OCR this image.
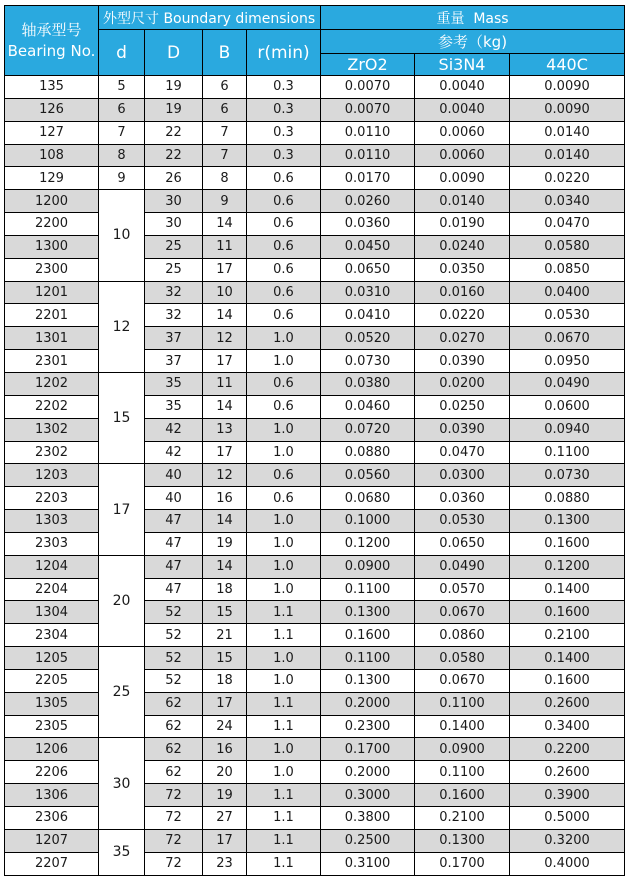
轴承型号
Bearing No.	外型尺寸 Boundary dimensions				重量  Mass		
	d	D	B	r(min)	参考（kg)		
					ZrO2	Si3N4	440C
135	5	19	6	0.3	0.0070	0.0040	0.0090
126	6	19	6	0.3	0.0070	0.0040	0.0090
127	7	22	7	0.3	0.0110	0.0060	0.0140
108	8	22	7	0.3	0.0110	0.0060	0.0140
129	9	26	8	0.6	0.0170	0.0090	0.0220
1200	10	30	9	0.6	0.0260	0.0140	0.0340
2200		30	14	0.6	0.0360	0.0190	0.0470
1300		25	11	0.6	0.0450	0.0240	0.0580
2300		25	17	0.6	0.0650	0.0350	0.0850
1201	12	32	10	0.6	0.0310	0.0160	0.0400
2201		32	14	0.6	0.0410	0.0220	0.0530
1301		37	12	1.0	0.0520	0.0270	0.0670
2301		37	17	1.0	0.0730	0.0390	0.0950
1202	15	35	11	0.6	0.0380	0.0200	0.0490
2202		35	14	0.6	0.0460	0.0250	0.0600
1302		42	13	1.0	0.0720	0.0390	0.0940
2302		42	17	1.0	0.0880	0.0470	0.1100
1203	17	40	12	0.6	0.0560	0.0300	0.0730
2203		40	16	0.6	0.0680	0.0360	0.0880
1303		47	14	1.0	0.1000	0.0530	0.1300
2303		47	19	1.0	0.1200	0.0650	0.1600
1204	20	47	14	1.0	0.0900	0.0490	0.1200
2204		47	18	1.0	0.1100	0.0570	0.1400
1304		52	15	1.1	0.1300	0.0670	0.1600
2304		52	21	1.1	0.1600	0.0860	0.2100
1205	25	52	15	1.0	0.1100	0.0580	0.1400
2205		52	18	1.0	0.1300	0.0670	0.1600
1305		62	17	1.1	0.2000	0.1100	0.2600
2305		62	24	1.1	0.2300	0.1400	0.3400
1206	30	62	16	1.0	0.1700	0.0900	0.2200
2206		62	20	1.0	0.2000	0.1100	0.2600
1306		72	19	1.1	0.3000	0.1600	0.3900
2306		72	27	1.1	0.3800	0.2100	0.5000
1207	35	72	17	1.1	0.2500	0.1300	0.3200
2207		72	23	1.1	0.3100	0.1700	0.4000
